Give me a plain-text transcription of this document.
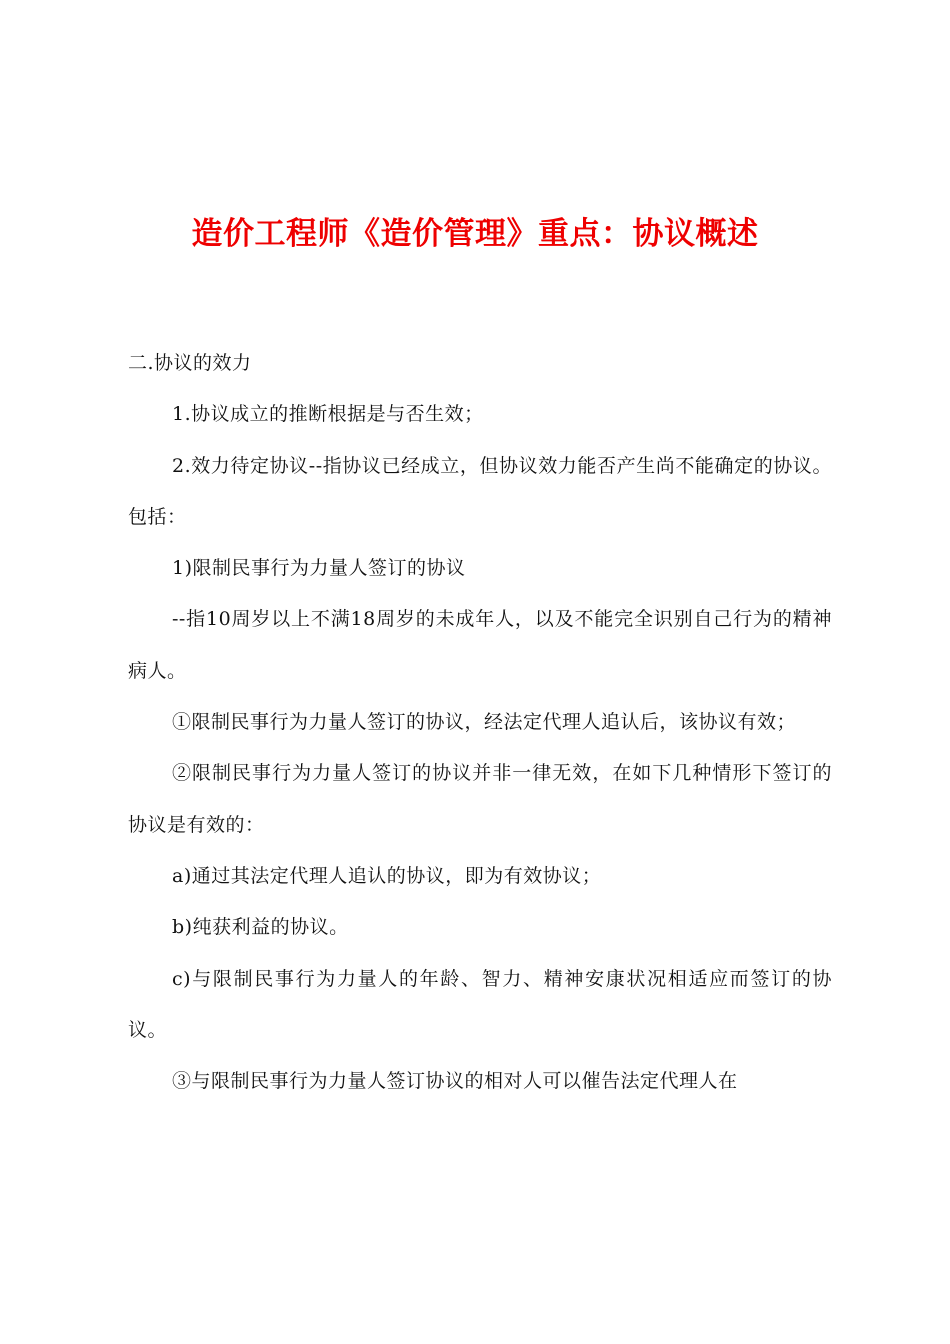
造价工程师《造价管理》重点：协议概述

二.协议的效力

1.协议成立的推断根据是与否生效；

2.效力待定协议--指协议已经成立，但协议效力能否产生尚不能确定的协议。包括：

1)限制民事行为力量人签订的协议

--指10周岁以上不满18周岁的未成年人，以及不能完全识别自己行为的精神病人。

①限制民事行为力量人签订的协议，经法定代理人追认后，该协议有效；

②限制民事行为力量人签订的协议并非一律无效，在如下几种情形下签订的协议是有效的：

a)通过其法定代理人追认的协议，即为有效协议；

b)纯获利益的协议。

c)与限制民事行为力量人的年龄、智力、精神安康状况相适应而签订的协议。

③与限制民事行为力量人签订协议的相对人可以催告法定代理人在
